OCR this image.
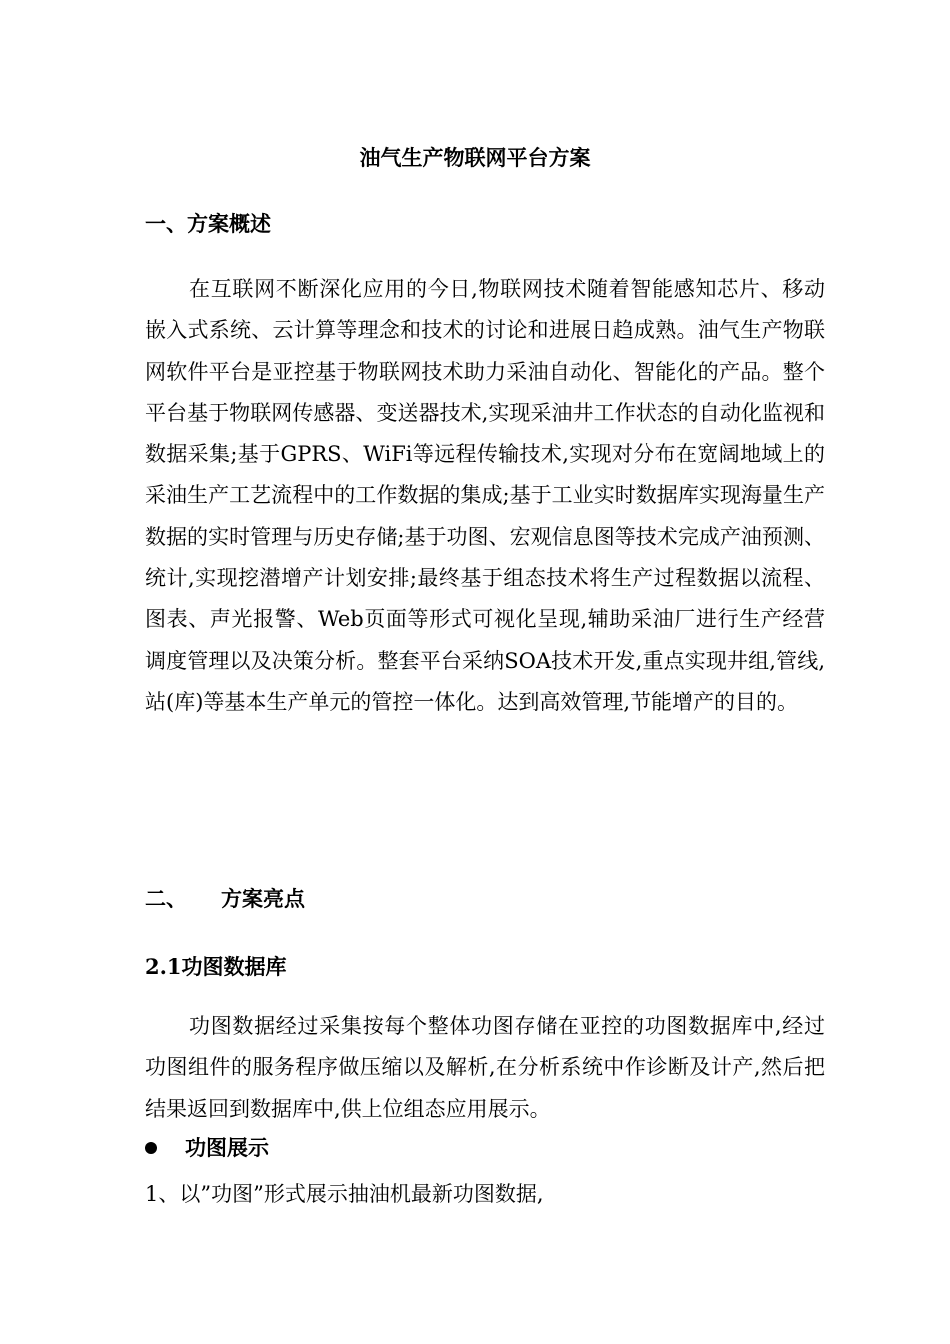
油气生产物联网平台方案
一、方案概述

在互联网不断深化应用的今日,物联网技术随着智能感知芯片、移动嵌入式系统、云计算等理念和技术的讨论和进展日趋成熟。油气生产物联网软件平台是亚控基于物联网技术助力采油自动化、智能化的产品。整个平台基于物联网传感器、变送器技术,实现采油井工作状态的自动化监视和数据采集;基于GPRS、WiFi等远程传输技术,实现对分布在宽阔地域上的采油生产工艺流程中的工作数据的集成;基于工业实时数据库实现海量生产数据的实时管理与历史存储;基于功图、宏观信息图等技术完成产油预测、统计,实现挖潜增产计划安排;最终基于组态技术将生产过程数据以流程、图表、声光报警、Web页面等形式可视化呈现,辅助采油厂进行生产经营调度管理以及决策分析。整套平台采纳SOA技术开发,重点实现井组,管线,站(库)等基本生产单元的管控一体化。达到高效管理,节能增产的目的。

二、 方案亮点
2.1功图数据库

功图数据经过采集按每个整体功图存储在亚控的功图数据库中,经过功图组件的服务程序做压缩以及解析,在分析系统中作诊断及计产,然后把结果返回到数据库中,供上位组态应用展示。

功图展示
1、以”功图”形式展示抽油机最新功图数据,
